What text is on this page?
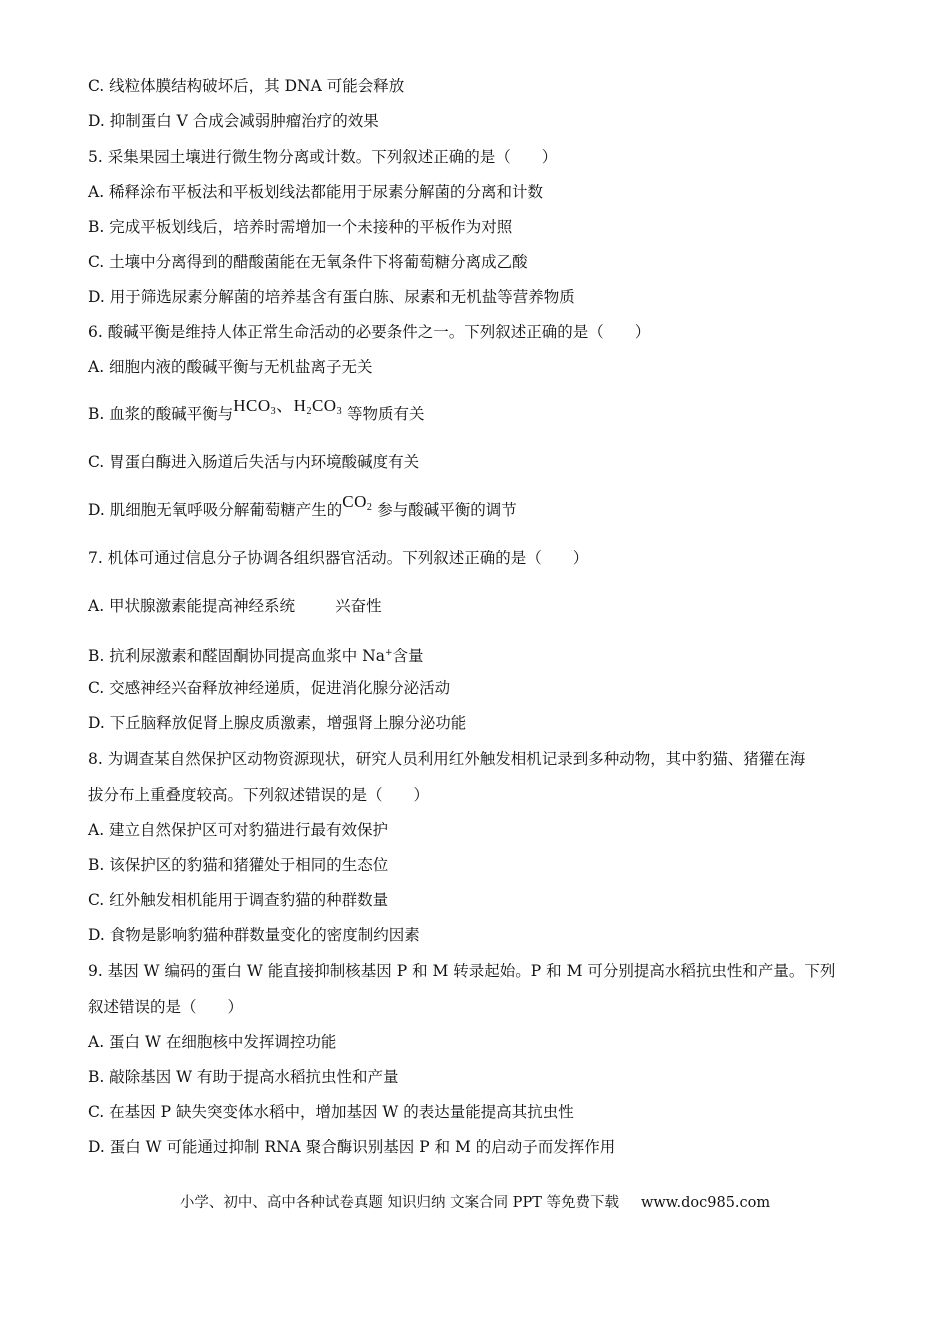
C. 线粒体膜结构破坏后，其 DNA 可能会释放
D. 抑制蛋白 V 合成会减弱肿瘤治疗的效果
5. 采集果园土壤进行微生物分离或计数。下列叙述正确的是（　　）
A. 稀释涂布平板法和平板划线法都能用于尿素分解菌的分离和计数
B. 完成平板划线后，培养时需增加一个未接种的平板作为对照
C. 土壤中分离得到的醋酸菌能在无氧条件下将葡萄糖分离成乙酸
D. 用于筛选尿素分解菌的培养基含有蛋白胨、尿素和无机盐等营养物质
6. 酸碱平衡是维持人体正常生命活动的必要条件之一。下列叙述正确的是（　　）
A. 细胞内液的酸碱平衡与无机盐离子无关
B. 血浆的酸碱平衡与$HCO_3$、$H_2CO_3$ 等物质有关
C. 胃蛋白酶进入肠道后失活与内环境酸碱度有关
D. 肌细胞无氧呼吸分解葡萄糖产生的$CO_2$ 参与酸碱平衡的调节
7. 机体可通过信息分子协调各组织器官活动。下列叙述正确的是（　　）
A. 甲状腺激素能提高神经系统	兴奋性
B. 抗利尿激素和醛固酮协同提高血浆中 Na+含量
C. 交感神经兴奋释放神经递质，促进消化腺分泌活动
D. 下丘脑释放促肾上腺皮质激素，增强肾上腺分泌功能
8. 为调查某自然保护区动物资源现状，研究人员利用红外触发相机记录到多种动物，其中豹猫、猪獾在海
拔分布上重叠度较高。下列叙述错误的是（　　）
A. 建立自然保护区可对豹猫进行最有效保护
B. 该保护区的豹猫和猪獾处于相同的生态位
C. 红外触发相机能用于调查豹猫的种群数量
D. 食物是影响豹猫种群数量变化的密度制约因素
9. 基因 W 编码的蛋白 W 能直接抑制核基因 P 和 M 转录起始。P 和 M 可分别提高水稻抗虫性和产量。下列
叙述错误的是（　　）
A. 蛋白 W 在细胞核中发挥调控功能
B. 敲除基因 W 有助于提高水稻抗虫性和产量
C. 在基因 P 缺失突变体水稻中，增加基因 W 的表达量能提高其抗虫性
D. 蛋白 W 可能通过抑制 RNA 聚合酶识别基因 P 和 M 的启动子而发挥作用
小学、初中、高中各种试卷真题 知识归纳 文案合同 PPT 等免费下载 www.doc985.com
